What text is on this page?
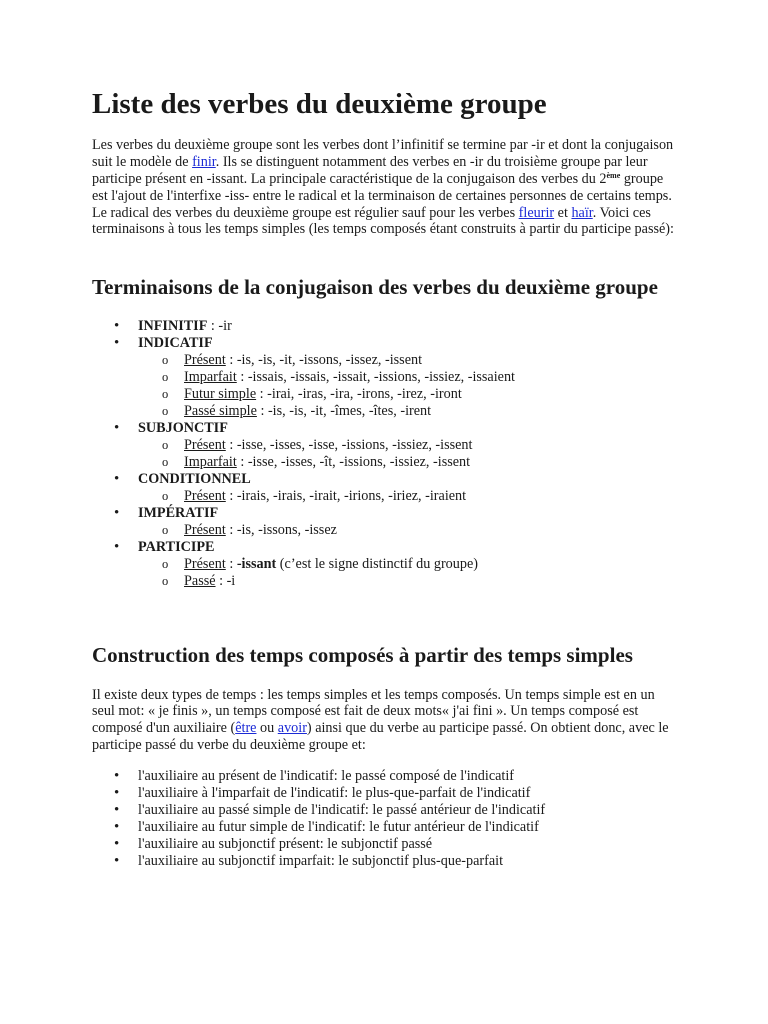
Liste des verbes du deuxième groupe

Les verbes du deuxième groupe sont les verbes dont l’infinitif se termine par -ir et dont la conjugaison suit le modèle de finir. Ils se distinguent notamment des verbes en -ir du troisième groupe par leur participe présent en -issant. La principale caractéristique de la conjugaison des verbes du 2ème groupe est l'ajout de l'interfixe -iss- entre le radical et la terminaison de certaines personnes de certains temps. Le radical des verbes du deuxième groupe est régulier sauf pour les verbes fleurir et haïr. Voici ces terminaisons à tous les temps simples (les temps composés étant construits à partir du participe passé):

Terminaisons de la conjugaison des verbes du deuxième groupe
• INFINITIF : -ir
• INDICATIF
o Présent : -is, -is, -it, -issons, -issez, -issent
o Imparfait : -issais, -issais, -issait, -issions, -issiez, -issaient
o Futur simple : -irai, -iras, -ira, -irons, -irez, -iront
o Passé simple : -is, -is, -it, -îmes, -îtes, -irent
• SUBJONCTIF
o Présent : -isse, -isses, -isse, -issions, -issiez, -issent
o Imparfait : -isse, -isses, -ît, -issions, -issiez, -issent
• CONDITIONNEL
o Présent : -irais, -irais, -irait, -irions, -iriez, -iraient
• IMPÉRATIF
o Présent : -is, -issons, -issez
• PARTICIPE
o Présent : -issant (c’est le signe distinctif du groupe)
o Passé : -i
Construction des temps composés à partir des temps simples

Il existe deux types de temps : les temps simples et les temps composés. Un temps simple est en un seul mot: « je finis », un temps composé est fait de deux mots« j'ai fini ». Un temps composé est composé d'un auxiliaire (être ou avoir) ainsi que du verbe au participe passé. On obtient donc, avec le participe passé du verbe du deuxième groupe et:

• l'auxiliaire au présent de l'indicatif: le passé composé de l'indicatif
• l'auxiliaire à l'imparfait de l'indicatif: le plus-que-parfait de l'indicatif
• l'auxiliaire au passé simple de l'indicatif: le passé antérieur de l'indicatif
• l'auxiliaire au futur simple de l'indicatif: le futur antérieur de l'indicatif
• l'auxiliaire au subjonctif présent: le subjonctif passé
• l'auxiliaire au subjonctif imparfait: le subjonctif plus-que-parfait
